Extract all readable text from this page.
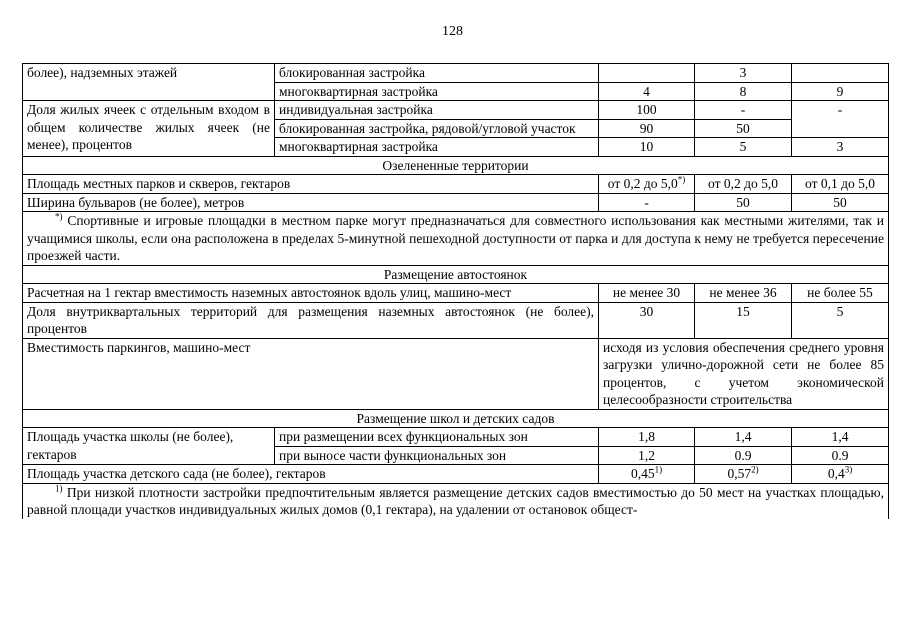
128
более), надземных этажей	блокированная застройка		3	
	многоквартирная застройка	4	8	9
Доля жилых ячеек с отдельным входом в общем количестве жилых ячеек (не менее), процентов	индивидуальная застройка	100	-	-
	блокированная застройка, рядовой/угловой участок	90	50	
	многоквартирная застройка	10	5	3
Озелененные территории				
Площадь местных парков и скверов, гектаров		от 0,2 до 5,0*)	от 0,2 до 5,0	от 0,1 до 5,0
Ширина бульваров (не более), метров		-	50	50
*) Спортивные и игровые площадки в местном парке могут предназначаться для совместного использования как местными жителями, так и учащимися школы, если она расположена в пределах 5-минутной пешеходной доступности от парка и для доступа к нему не требуется пересечение проезжей части.				
Размещение автостоянок				
Расчетная на 1 гектар вместимость наземных автостоянок вдоль улиц, машино-мест		не менее 30	не менее 36	не более 55
Доля внутриквартальных территорий для размещения наземных автостоянок (не более), процентов		30	15	5
Вместимость паркингов, машино-мест		исходя из условия обеспечения среднего уровня загрузки улично-дорожной сети не более 85 процентов, с учетом экономической целесообразности строительства		
Размещение школ и детских садов				
Площадь участка школы (не более), гектаров	при размещении всех функциональных зон	1,8	1,4	1,4
	при выносе части функциональных зон	1,2	0.9	0.9
Площадь участка детского сада (не более), гектаров		0,45$^{1)}$	0,57$^{2)}$	0,4$^{3)}$
$^{1)}$ При низкой плотности застройки предпочтительным является размещение детских садов вместимостью до 50 мест на участках площадью, равной площади участков индивидуальных жилых домов (0,1 гектара), на удалении от остановок общест-				
